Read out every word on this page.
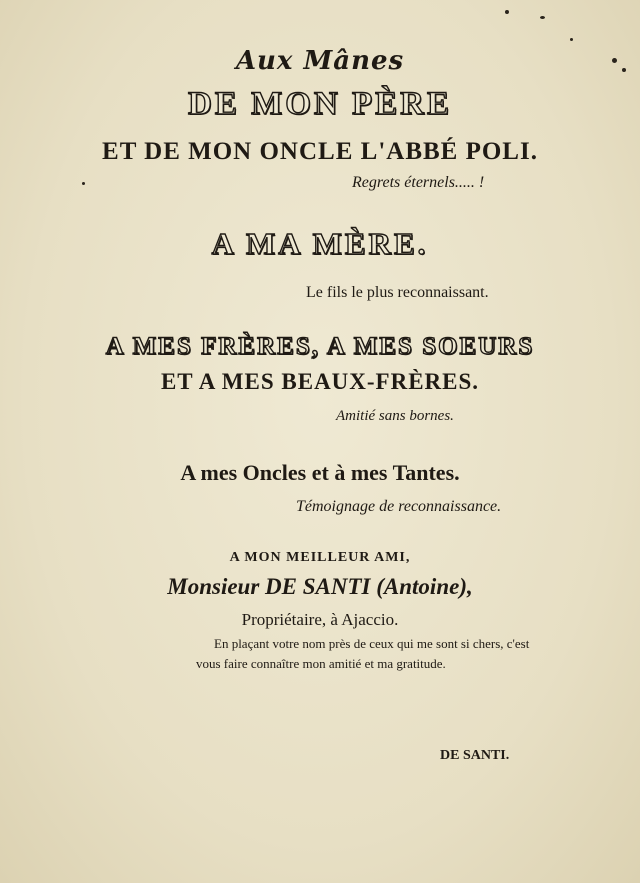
Aux Mânes
DE MON PÈRE
ET DE MON ONCLE L'ABBÉ POLI.
Regrets éternels..... !
A MA MÈRE.
Le fils le plus reconnaissant.
A MES FRÈRES, A MES SOEURS
ET A MES BEAUX-FRÈRES.
Amitié sans bornes.
A mes Oncles et à mes Tantes.
Témoignage de reconnaissance.
A MON MEILLEUR AMI,
Monsieur DE SANTI (Antoine),
Propriétaire, à Ajaccio.
En plaçant votre nom près de ceux qui me sont si chers, c'est
vous faire connaître mon amitié et ma gratitude.
DE SANTI.
